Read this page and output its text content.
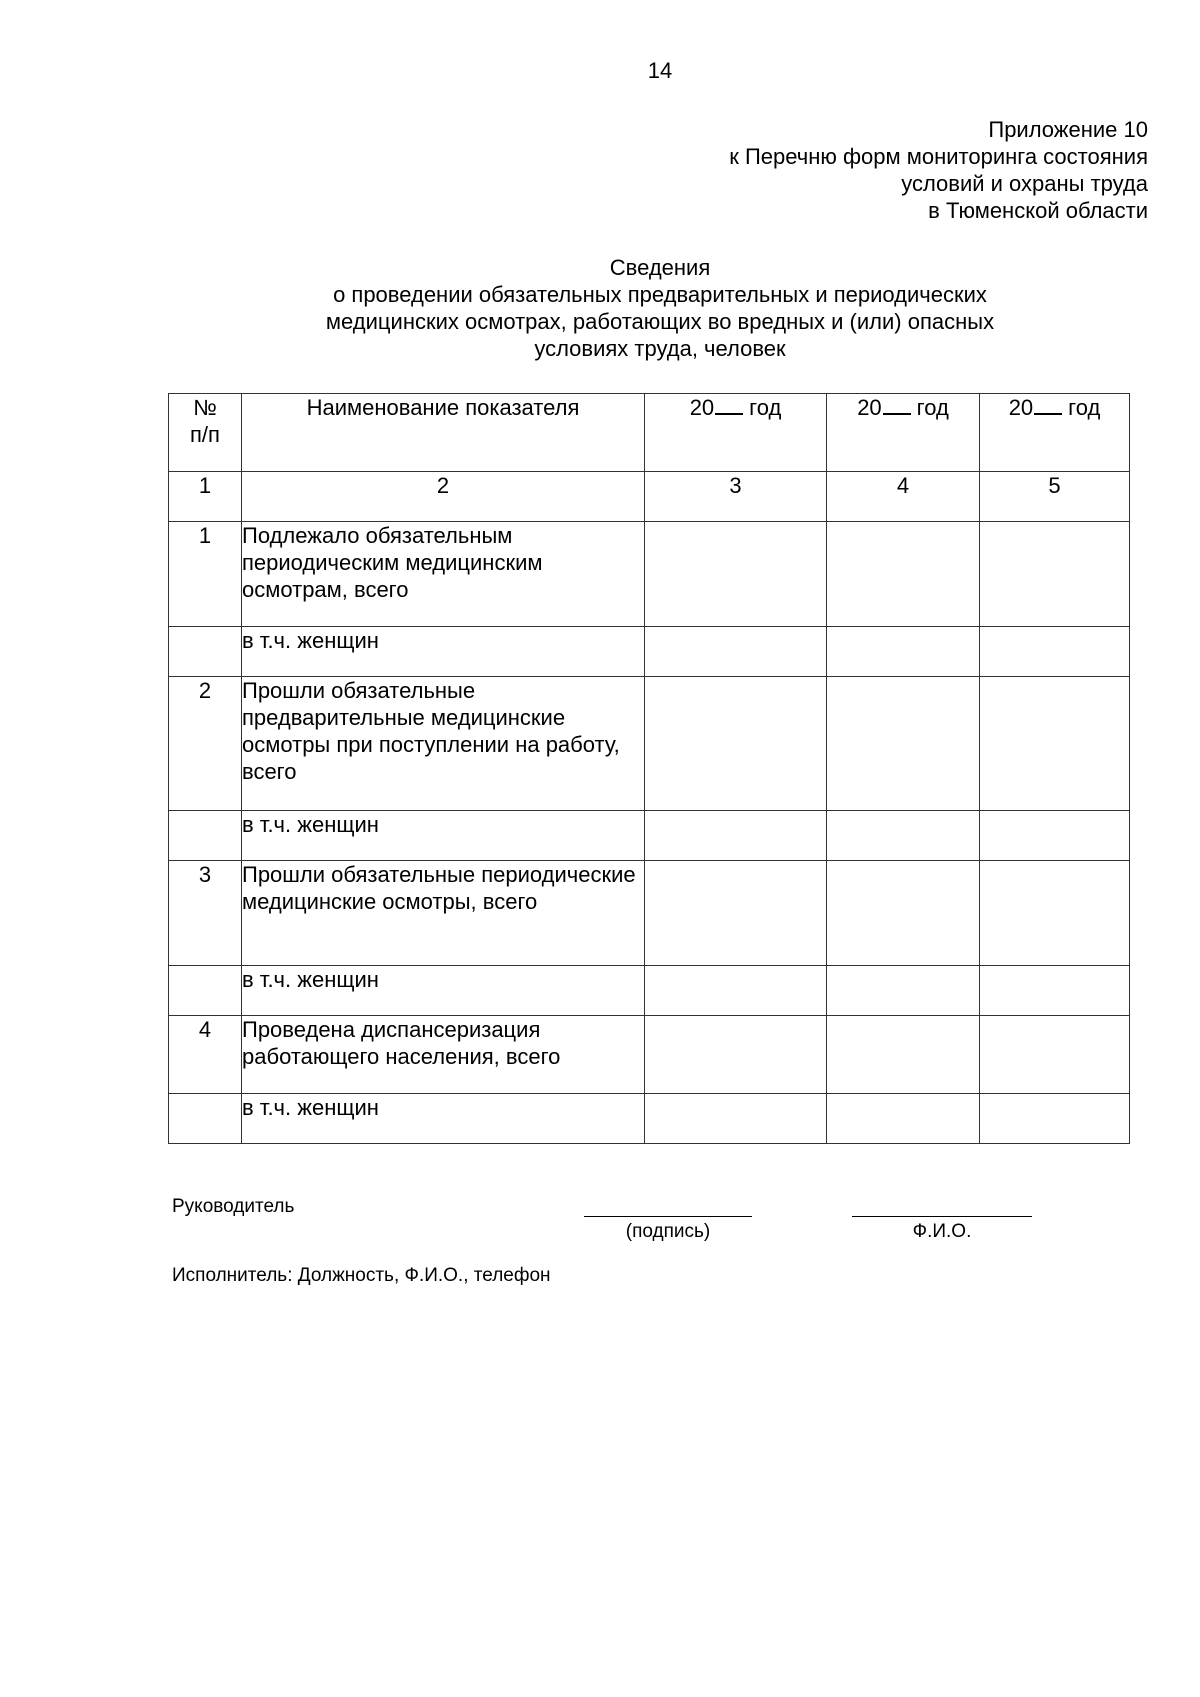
14
Приложение 10
к Перечню форм мониторинга состояния
условий и охраны труда
в Тюменской области
Сведения
о проведении обязательных предварительных и периодических
медицинских осмотрах, работающих во вредных и (или) опасных
условиях труда, человек
№
п/п	Наименование показателя	20 год	20 год	20 год
1	2	3	4	5
1	Подлежало обязательным периодическим медицинским осмотрам, всего			
	в т.ч. женщин			
2	Прошли обязательные предварительные медицинские осмотры при поступлении на работу, всего			
	в т.ч. женщин			
3	Прошли обязательные периодические медицинские осмотры, всего			
	в т.ч. женщин			
4	Проведена диспансеризация работающего населения, всего			
	в т.ч. женщин			
Руководитель
(подпись)	Ф.И.О.
Исполнитель: Должность, Ф.И.О., телефон
